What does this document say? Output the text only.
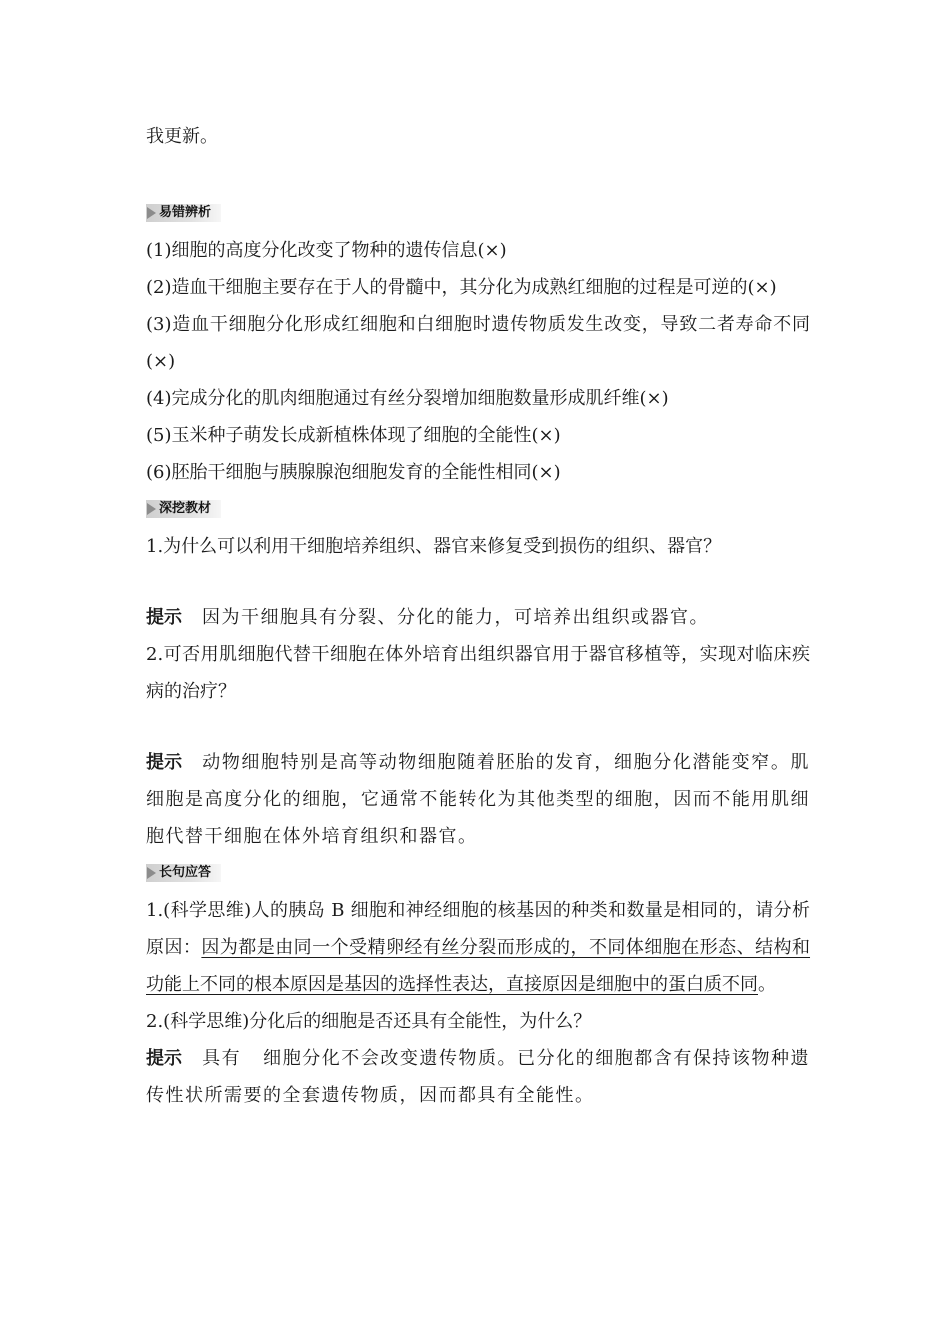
我更新。

易错辨析

(1)细胞的高度分化改变了物种的遗传信息(×)

(2)造血干细胞主要存在于人的骨髓中，其分化为成熟红细胞的过程是可逆的(×)

(3)造血干细胞分化形成红细胞和白细胞时遗传物质发生改变，导致二者寿命不同(×)

(4)完成分化的肌肉细胞通过有丝分裂增加细胞数量形成肌纤维(×)

(5)玉米种子萌发长成新植株体现了细胞的全能性(×)

(6)胚胎干细胞与胰腺腺泡细胞发育的全能性相同(×)

深挖教材

1.为什么可以利用干细胞培养组织、器官来修复受到损伤的组织、器官？

提示 因为干细胞具有分裂、分化的能力，可培养出组织或器官。

2.可否用肌细胞代替干细胞在体外培育出组织器官用于器官移植等，实现对临床疾病的治疗？

提示 动物细胞特别是高等动物细胞随着胚胎的发育，细胞分化潜能变窄。肌细胞是高度分化的细胞，它通常不能转化为其他类型的细胞，因而不能用肌细胞代替干细胞在体外培育组织和器官。

长句应答

1.(科学思维)人的胰岛 B 细胞和神经细胞的核基因的种类和数量是相同的，请分析原因：因为都是由同一个受精卵经有丝分裂而形成的，不同体细胞在形态、结构和功能上不同的根本原因是基因的选择性表达，直接原因是细胞中的蛋白质不同。

2.(科学思维)分化后的细胞是否还具有全能性，为什么？

提示 具有 细胞分化不会改变遗传物质。已分化的细胞都含有保持该物种遗传性状所需要的全套遗传物质，因而都具有全能性。
